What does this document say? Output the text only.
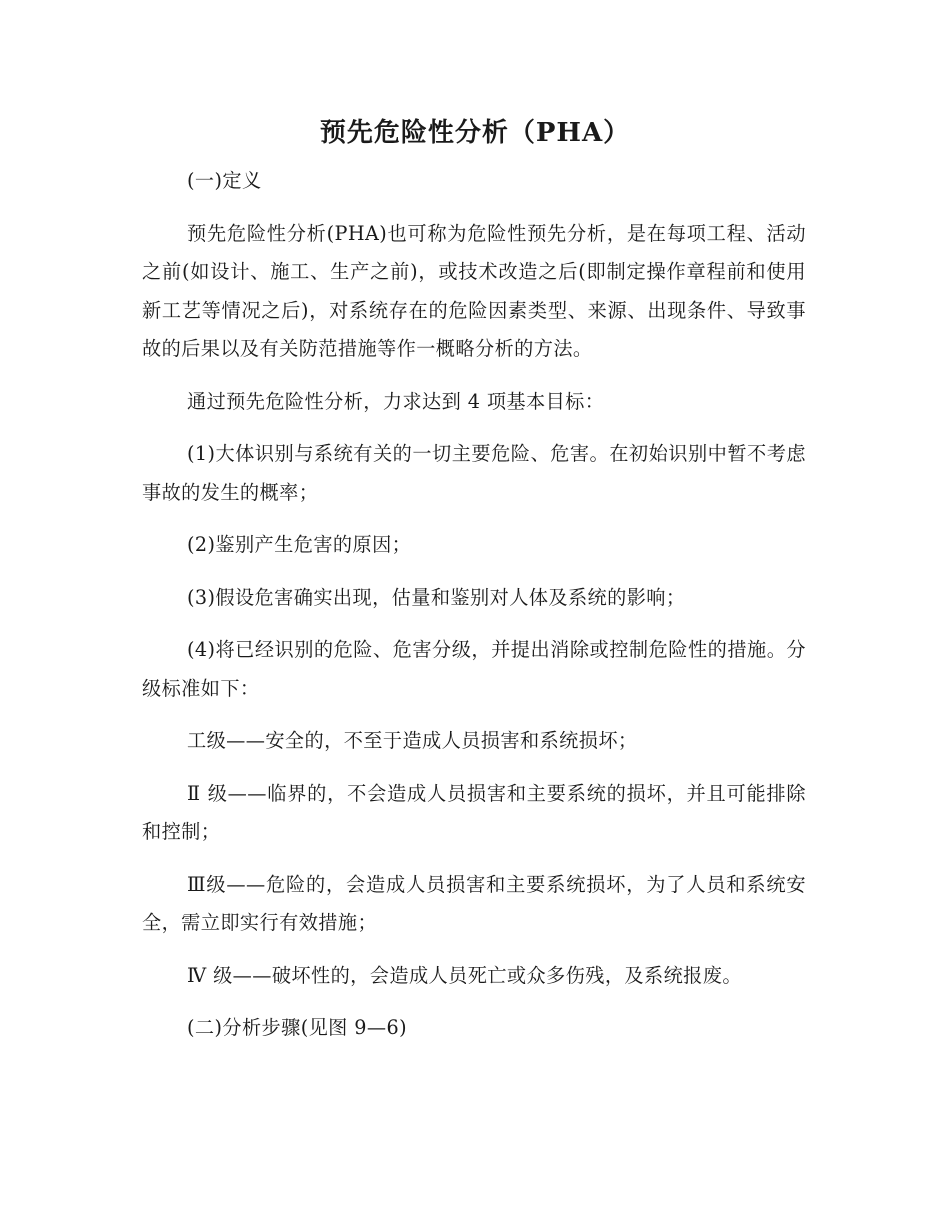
预先危险性分析（PHA）

(一)定义

预先危险性分析(PHA)也可称为危险性预先分析，是在每项工程、活动之前(如设计、施工、生产之前)，或技术改造之后(即制定操作章程前和使用新工艺等情况之后)，对系统存在的危险因素类型、来源、出现条件、导致事故的后果以及有关防范措施等作一概略分析的方法。

通过预先危险性分析，力求达到 4 项基本目标：

(1)大体识别与系统有关的一切主要危险、危害。在初始识别中暂不考虑事故的发生的概率；

(2)鉴别产生危害的原因；

(3)假设危害确实出现，估量和鉴别对人体及系统的影响；

(4)将已经识别的危险、危害分级，并提出消除或控制危险性的措施。分级标准如下：

工级——安全的，不至于造成人员损害和系统损坏；

Ⅱ 级——临界的，不会造成人员损害和主要系统的损坏，并且可能排除和控制；

Ⅲ级——危险的，会造成人员损害和主要系统损坏，为了人员和系统安全，需立即实行有效措施；

Ⅳ 级——破坏性的，会造成人员死亡或众多伤残，及系统报废。

(二)分析步骤(见图 9—6)
